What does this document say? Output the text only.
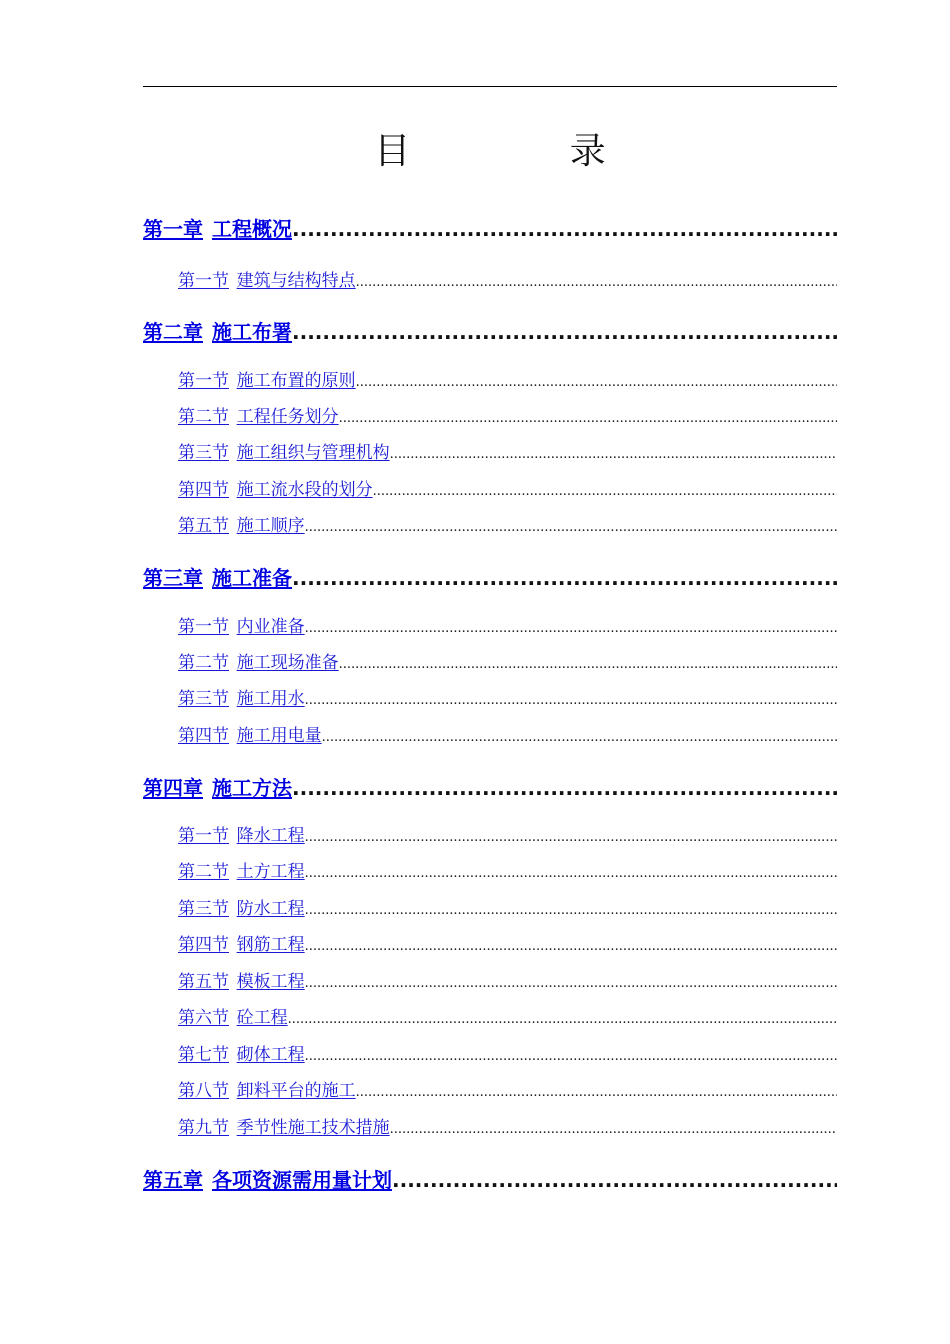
目 录
第一章 工程概况
.....
第一节 建筑与结构特点
.....
第二章 施工布署
.....
第一节 施工布置的原则
.....
第二节 工程任务划分
.....
第三节 施工组织与管理机构
.....
第四节 施工流水段的划分
.....
第五节 施工顺序
.....
第三章 施工准备
.....
第一节 内业准备
.....
第二节 施工现场准备
.....
第三节 施工用水
.....
第四节 施工用电量
.....
第四章 施工方法
.....
第一节 降水工程
.....
第二节 土方工程
.....
第三节 防水工程
.....
第四节 钢筋工程
.....
第五节 模板工程
.....
第六节 砼工程
.....
第七节 砌体工程
.....
第八节 卸料平台的施工
.....
第九节 季节性施工技术措施
.....
第五章 各项资源需用量计划
.....
